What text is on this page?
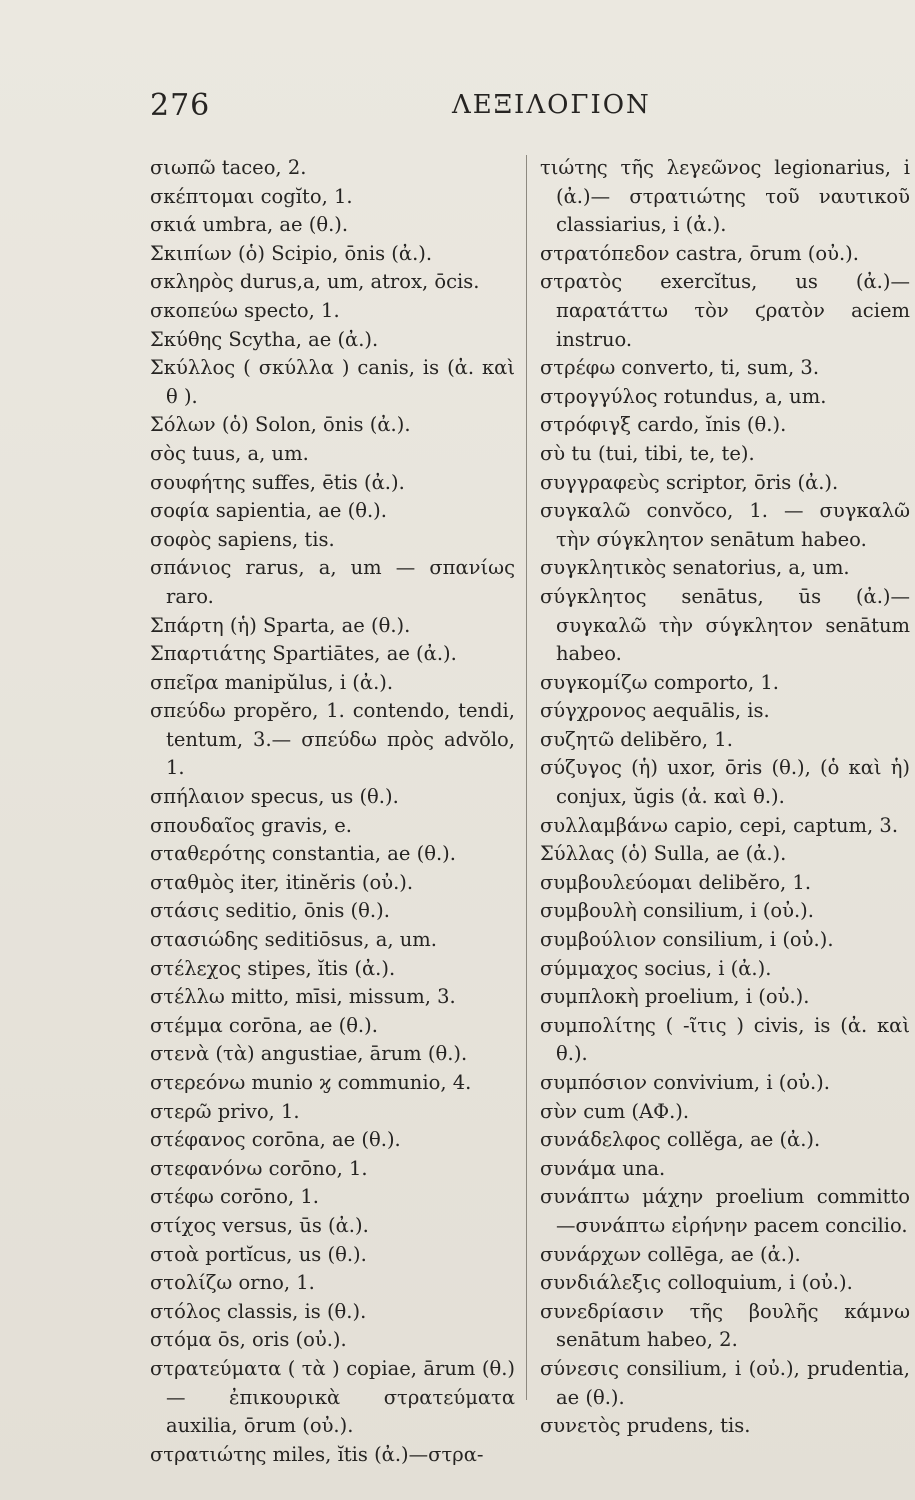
276	ΛΕΞΙΛΟΓΙΟΝ

σιωπῶ taceo, 2.

σκέπτομαι cogĭto, 1.

σκιά umbra, ae (θ.).

Σκιπίων (ὁ) Scipio, ōnis (ἀ.).

σκληρὸς durus,a, um, atrox, ōcis.

σκοπεύω specto, 1.

Σκύθης Scytha, ae (ἀ.).

Σκύλλος ( σκύλλα ) canis, is (ἀ. καὶ θ ).

Σόλων (ὁ) Solon, ōnis (ἀ.).

σὸς tuus, a, um.

σουφήτης suffes, ētis (ἀ.).

σοφία sapientia, ae (θ.).

σοφὸς sapiens, tis.

σπάνιος rarus, a, um — σπανίως raro.

Σπάρτη (ἡ) Sparta, ae (θ.).

Σπαρτιάτης Spartiātes, ae (ἀ.).

σπεῖρα manipŭlus, i (ἀ.).

σπεύδω propĕro, 1. contendo, tendi, tentum, 3.— σπεύδω πρὸς advŏlo, 1.

σπήλαιον specus, us (θ.).

σπουδαῖος gravis, e.

σταθερότης constantia, ae (θ.).

σταθμὸς iter, itinĕris (οὐ.).

στάσις seditio, ōnis (θ.).

στασιώδης seditiōsus, a, um.

στέλεχος stipes, ĭtis (ἀ.).

στέλλω mitto, mīsi, missum, 3.

στέμμα corōna, ae (θ.).

στενὰ (τὰ) angustiae, ārum (θ.).

στερεόνω munio ϗ communio, 4.

στερῶ privo, 1.

στέφανος corōna, ae (θ.).

στεφανόνω corōno, 1.

στέφω corōno, 1.

στίχος versus, ūs (ἀ.).

στοὰ portĭcus, us (θ.).

στολίζω orno, 1.

στόλος classis, is (θ.).

στόμα ōs, oris (οὐ.).

στρατεύματα ( τὰ ) copiae, ārum (θ.) — ἐπικουρικὰ στρατεύματα auxilia, ōrum (οὐ.).

στρατιώτης miles, ĭtis (ἀ.)—στρα-

τιώτης τῆς λεγεῶνος legionarius, i (ἀ.)— στρατιώτης τοῦ ναυτικοῦ classiarius, i (ἀ.).

στρατόπεδον castra, ōrum (οὐ.).

στρατὸς exercĭtus, us (ἀ.)—παρατάττω τὸν ϛρατὸν aciem instruo.

στρέφω converto, ti, sum, 3.

στρογγύλος rotundus, a, um.

στρόφιγξ cardo, ĭnis (θ.).

σὺ tu (tui, tibi, te, te).

συγγραφεὺς scriptor, ōris (ἀ.).

συγκαλῶ convŏco, 1. — συγκαλῶ τὴν σύγκλητον senātum habeo.

συγκλητικὸς senatorius, a, um.

σύγκλητος senātus, ūs (ἀ.)—συγκαλῶ τὴν σύγκλητον senātum habeo.

συγκομίζω comporto, 1.

σύγχρονος aequālis, is.

συζητῶ delibĕro, 1.

σύζυγος (ἡ) uxor, ōris (θ.), (ὁ καὶ ἡ) conjux, ŭgis (ἀ. καὶ θ.).

συλλαμβάνω capio, cepi, captum, 3.

Σύλλας (ὁ) Sulla, ae (ἀ.).

συμβουλεύομαι delibĕro, 1.

συμβουλὴ consilium, i (οὐ.).

συμβούλιον consilium, i (οὐ.).

σύμμαχος socius, i (ἀ.).

συμπλοκὴ proelium, i (οὐ.).

συμπολίτης ( -ῖτις ) civis, is (ἀ. καὶ θ.).

συμπόσιον convivium, i (οὐ.).

σὺν cum (ΑΦ.).

συνάδελφος collĕga, ae (ἀ.).

συνάμα una.

συνάπτω μάχην proelium committo—συνάπτω εἰρήνην pacem concilio.

συνάρχων collēga, ae (ἀ.).

συνδιάλεξις colloquium, i (οὐ.).

συνεδρίασιν τῆς βουλῆς κάμνω senātum habeo, 2.

σύνεσις consilium, i (οὐ.), prudentia, ae (θ.).

συνετὸς prudens, tis.
